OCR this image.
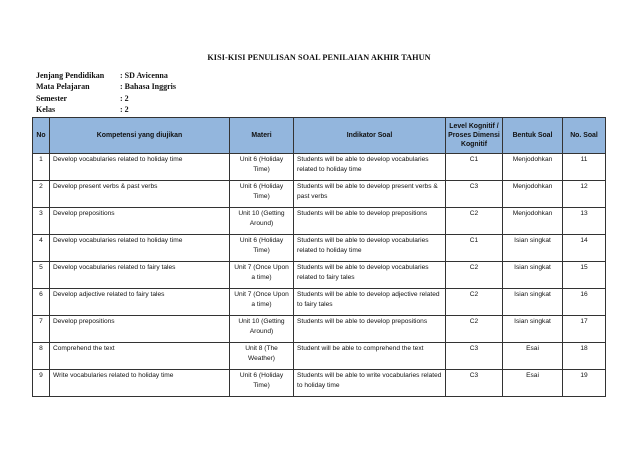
KISI-KISI PENULISAN SOAL PENILAIAN AKHIR TAHUN
Jenjang Pendidikan	: SD Avicenna
Mata Pelajaran	: Bahasa Inggris
Semester	: 2
Kelas	: 2
No	Kompetensi yang diujikan	Materi	Indikator Soal	Level Kognitif / Proses Dimensi Kognitif	Bentuk Soal	No. Soal
1	Develop vocabularies related to holiday time	Unit 6 (Holiday Time)	Students will be able to develop vocabularies related to holiday time	C1	Menjodohkan	11
2	Develop present verbs & past verbs	Unit 6 (Holiday Time)	Students will be able to develop present verbs & past verbs	C3	Menjodohkan	12
3	Develop prepositions	Unit 10 (Getting Around)	Students will be able to develop prepositions	C2	Menjodohkan	13
4	Develop vocabularies related to holiday time	Unit 6 (Holiday Time)	Students will be able to develop vocabularies related to holiday time	C1	Isian singkat	14
5	Develop vocabularies related to fairy tales	Unit 7 (Once Upon a time)	Students will be able to develop vocabularies related to fairy tales	C2	Isian singkat	15
6	Develop adjective related to fairy tales	Unit 7 (Once Upon a time)	Students will be able to develop adjective related to fairy tales	C2	Isian singkat	16
7	Develop prepositions	Unit 10 (Getting Around)	Students will be able to develop prepositions	C2	Isian singkat	17
8	Comprehend the text	Unit 8 (The Weather)	Student will be able to comprehend the text	C3	Esai	18
9	Write vocabularies related to holiday time	Unit 6 (Holiday Time)	Students will be able to write vocabularies related to holiday time	C3	Esai	19
